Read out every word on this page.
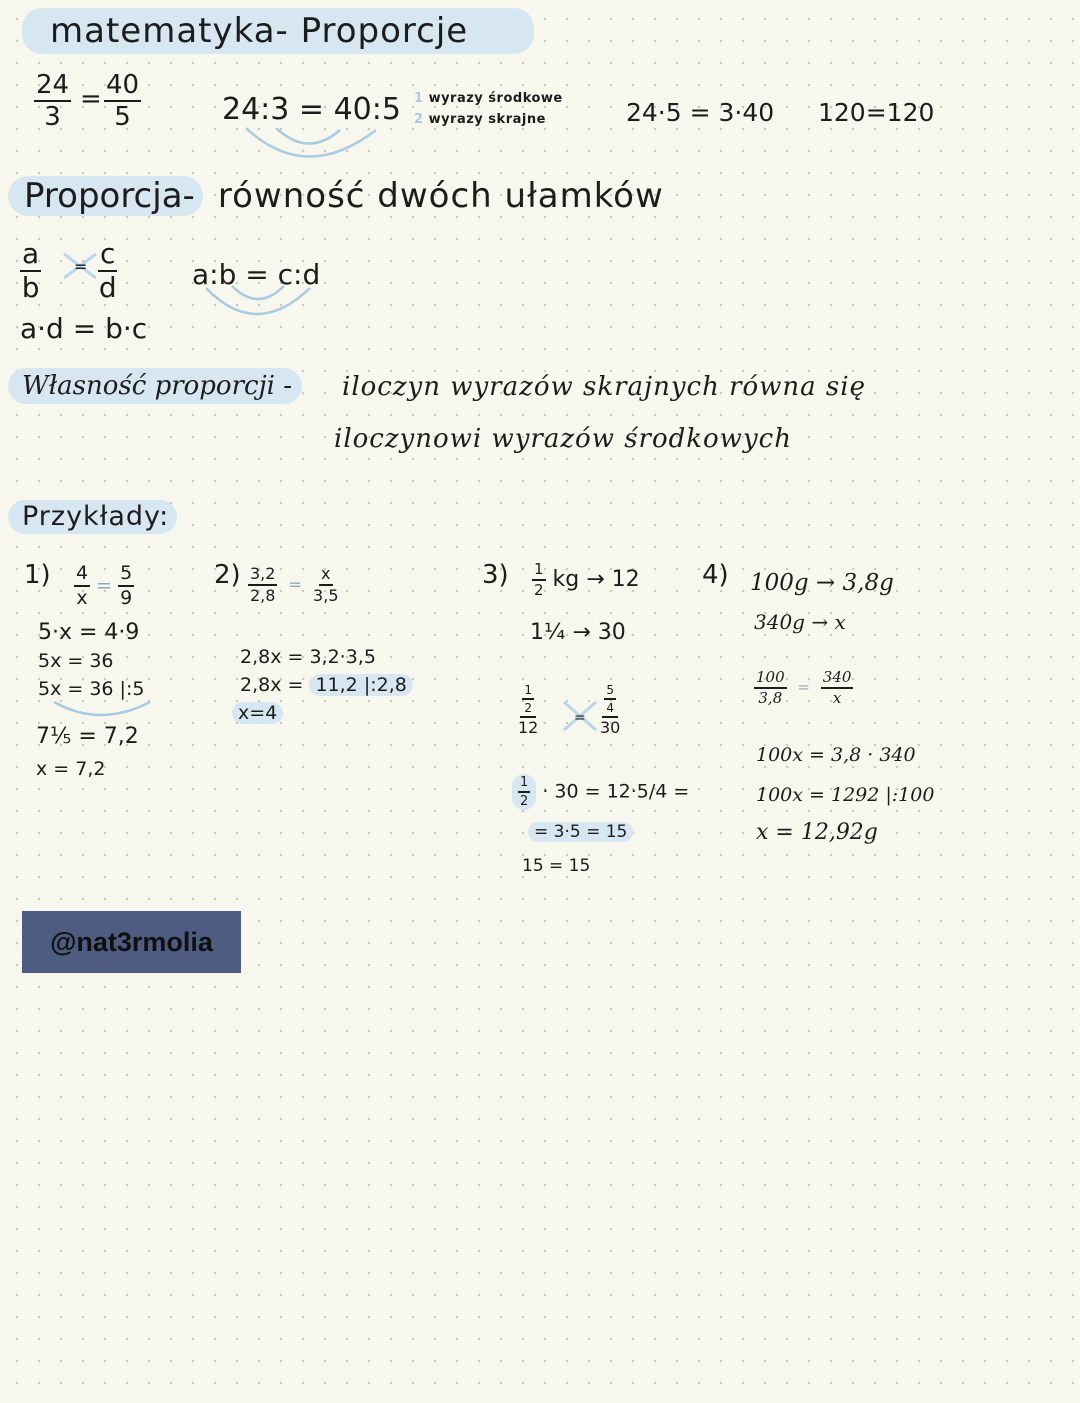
matematyka- Proporcje
$\frac{24}{3} = \frac{40}{5}$	24:3 = 40:5 1 wyrazy środkowe
2 wyrazy skrajne	24·5 = 3·40 120=120
Proporcja- równość dwóch ułamków
$\frac{a}{b} = \frac{c}{d}$	a:b = c:d
a·d = b·c
Własność proporcji -	iloczyn wyrazów skrajnych równa się
iloczynowi wyrazów środkowych
Przykłady:
$1) \frac{4}{x} = \frac{5}{9}$
5·x = 4·9
5x = 36
5x = 36 |:5
7⅕ = 7,2
x = 7,2
$2) \frac{3,2}{2,8} = \frac{x}{3,5}$
2,8x = 3,2·3,5
2,8x = 11,2 |:2,8
x=4
$3) \frac{1}{2}$ kg → 12
1¼ → 30
$\frac{\frac{1}{2}}{12}$	= $\frac{\frac{5}{4}}{30}$
$\frac{1}{2} \cdot 30 = 12\cdot 5/4$ =
= 3·5 = 15
15 = 15
4) 100g → 3,8g
340g → x
$\frac{100}{3,8} = \frac{340}{x}$
100x = 3,8 · 340
100x = 1292 |:100
x = 12,92g
@nat3rmolia
